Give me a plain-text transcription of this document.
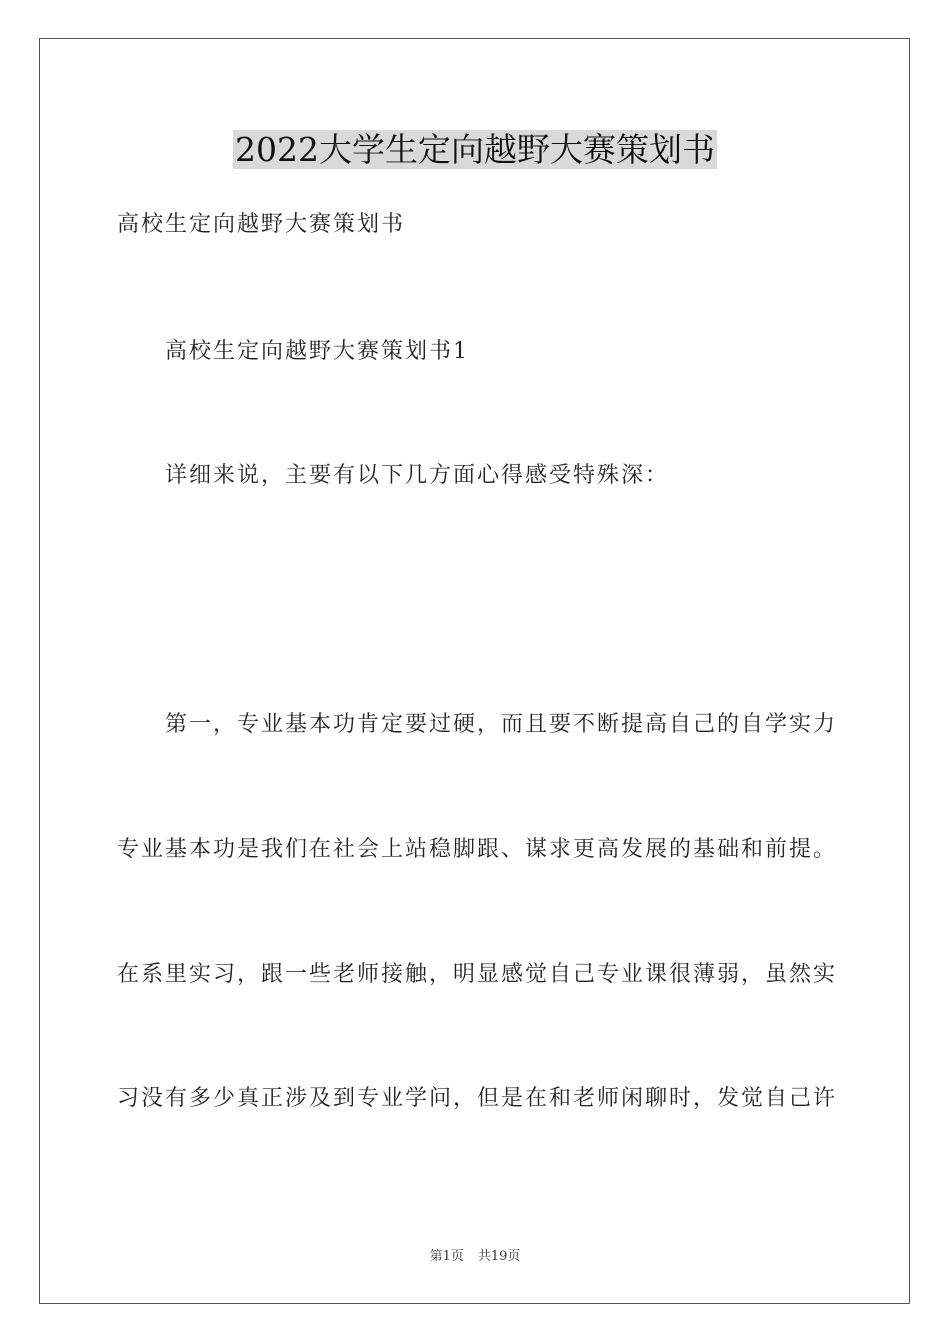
2022大学生定向越野大赛策划书
高校生定向越野大赛策划书
高校生定向越野大赛策划书1
详细来说，主要有以下几方面心得感受特殊深：
第一，专业基本功肯定要过硬，而且要不断提高自己的自学实力
专业基本功是我们在社会上站稳脚跟、谋求更高发展的基础和前提。
在系里实习，跟一些老师接触，明显感觉自己专业课很薄弱，虽然实
习没有多少真正涉及到专业学问，但是在和老师闲聊时，发觉自己许
第1页 共19页
